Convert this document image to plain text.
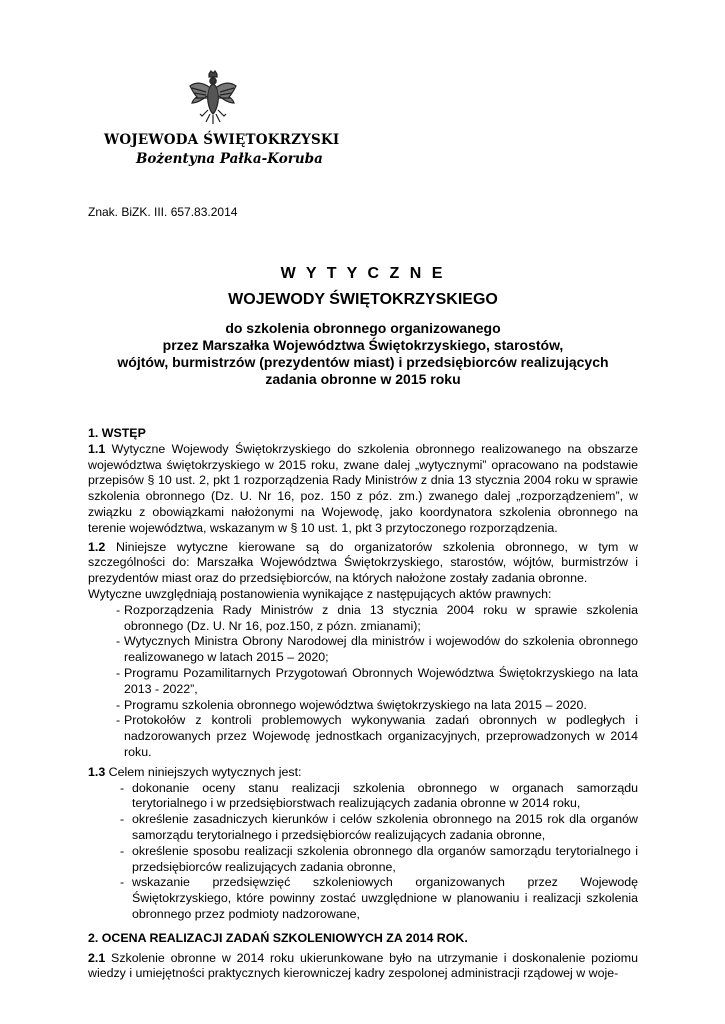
WOJEWODA ŚWIĘTOKRZYSKI
Bożentyna Pałka-Koruba
Znak. BiZK. III. 657.83.2014
W Y T Y C Z N E
WOJEWODY ŚWIĘTOKRZYSKIEGO
do szkolenia obronnego organizowanego
przez Marszałka Województwa Świętokrzyskiego, starostów,
wójtów, burmistrzów (prezydentów miast) i przedsiębiorców realizujących
zadania obronne w 2015 roku
1. WSTĘP

1.1 Wytyczne Wojewody Świętokrzyskiego do szkolenia obronnego realizowanego na obszarze województwa świętokrzyskiego w 2015 roku, zwane dalej „wytycznymi” opracowano na podstawie przepisów § 10 ust. 2, pkt 1 rozporządzenia Rady Ministrów z dnia 13 stycznia 2004 roku w sprawie szkolenia obronnego (Dz. U. Nr 16, poz. 150 z póz. zm.) zwanego dalej „rozporządzeniem”, w związku z obowiązkami nałożonymi na Wojewodę, jako koordynatora szkolenia obronnego na terenie województwa, wskazanym w § 10 ust. 1, pkt 3 przytoczonego rozporządzenia.

1.2 Niniejsze wytyczne kierowane są do organizatorów szkolenia obronnego, w tym w szczególności do: Marszałka Województwa Świętokrzyskiego, starostów, wójtów, burmistrzów i prezydentów miast oraz do przedsiębiorców, na których nałożone zostały zadania obronne.

Wytyczne uwzględniają postanowienia wynikające z następujących aktów prawnych:
- Rozporządzenia Rady Ministrów z dnia 13 stycznia 2004 roku w sprawie szkolenia obronnego (Dz. U. Nr 16, poz.150, z pózn. zmianami);
- Wytycznych Ministra Obrony Narodowej dla ministrów i wojewodów do szkolenia obronnego realizowanego w latach 2015 – 2020;
- Programu Pozamilitarnych Przygotowań Obronnych Województwa Świętokrzyskiego na lata 2013 - 2022”,
- Programu szkolenia obronnego województwa świętokrzyskiego na lata 2015 – 2020.
- Protokołów z kontroli problemowych wykonywania zadań obronnych w podległych i nadzorowanych przez Wojewodę jednostkach organizacyjnych, przeprowadzonych w 2014 roku.

1.3 Celem niniejszych wytycznych jest:

- dokonanie oceny stanu realizacji szkolenia obronnego w organach samorządu terytorialnego i w przedsiębiorstwach realizujących zadania obronne w 2014 roku,
- określenie zasadniczych kierunków i celów szkolenia obronnego na 2015 rok dla organów samorządu terytorialnego i przedsiębiorców realizujących zadania obronne,
- określenie sposobu realizacji szkolenia obronnego dla organów samorządu terytorialnego i przedsiębiorców realizujących zadania obronne,
- wskazanie przedsięwzięć szkoleniowych organizowanych przez Wojewodę Świętokrzyskiego, które powinny zostać uwzględnione w planowaniu i realizacji szkolenia obronnego przez podmioty nadzorowane,
2. OCENA REALIZACJI ZADAŃ SZKOLENIOWYCH ZA 2014 ROK.

2.1 Szkolenie obronne w 2014 roku ukierunkowane było na utrzymanie i doskonalenie poziomu wiedzy i umiejętności praktycznych kierowniczej kadry zespolonej administracji rządowej w woje-
